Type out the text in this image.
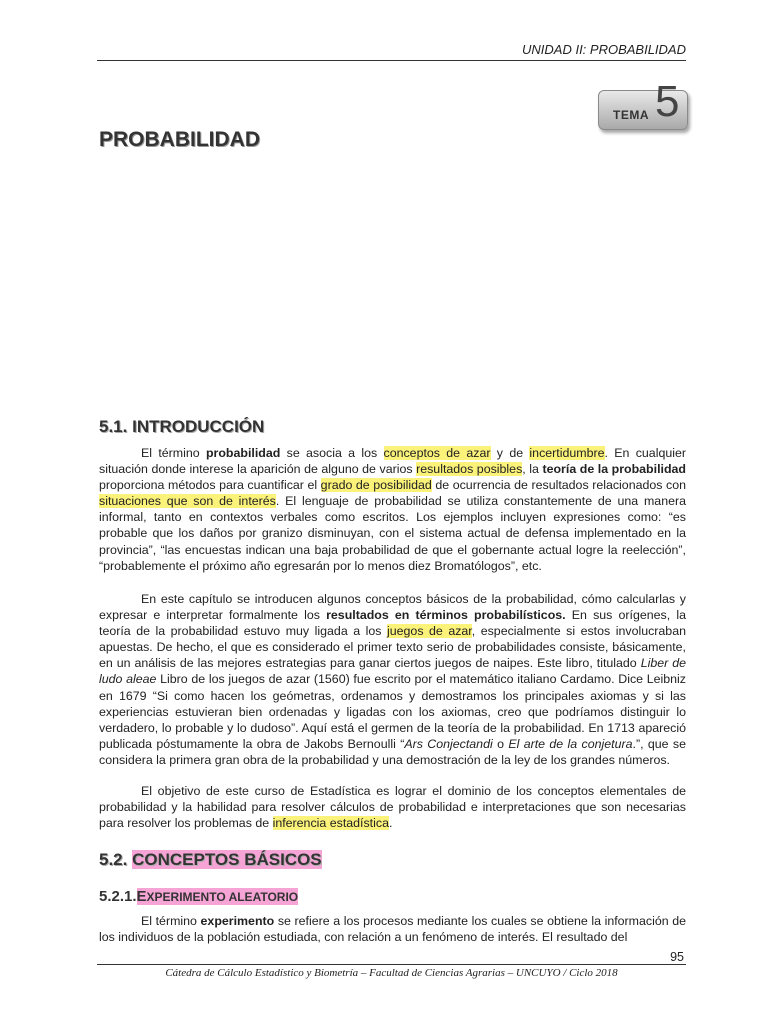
UNIDAD II: PROBABILIDAD
TEMA 5
PROBABILIDAD
5.1. INTRODUCCIÓN

El término probabilidad se asocia a los conceptos de azar y de incertidumbre. En cualquier situación donde interese la aparición de alguno de varios resultados posibles, la teoría de la probabilidad proporciona métodos para cuantificar el grado de posibilidad de ocurrencia de resultados relacionados con situaciones que son de interés. El lenguaje de probabilidad se utiliza constantemente de una manera informal, tanto en contextos verbales como escritos. Los ejemplos incluyen expresiones como: “es probable que los daños por granizo disminuyan, con el sistema actual de defensa implementado en la provincia”, “las encuestas indican una baja probabilidad de que el gobernante actual logre la reelección”, “probablemente el próximo año egresarán por lo menos diez Bromatólogos”, etc.

En este capítulo se introducen algunos conceptos básicos de la probabilidad, cómo calcularlas y expresar e interpretar formalmente los resultados en términos probabilísticos. En sus orígenes, la teoría de la probabilidad estuvo muy ligada a los juegos de azar, especialmente si estos involucraban apuestas. De hecho, el que es considerado el primer texto serio de probabilidades consiste, básicamente, en un análisis de las mejores estrategias para ganar ciertos juegos de naipes. Este libro, titulado Liber de ludo aleae Libro de los juegos de azar (1560) fue escrito por el matemático italiano Cardamo. Dice Leibniz en 1679 “Si como hacen los geómetras, ordenamos y demostramos los principales axiomas y si las experiencias estuvieran bien ordenadas y ligadas con los axiomas, creo que podríamos distinguir lo verdadero, lo probable y lo dudoso”. Aquí está el germen de la teoría de la probabilidad. En 1713 apareció publicada póstumamente la obra de Jakobs Bernoulli “Ars Conjectandi o El arte de la conjetura.”, que se considera la primera gran obra de la probabilidad y una demostración de la ley de los grandes números.

El objetivo de este curso de Estadística es lograr el dominio de los conceptos elementales de probabilidad y la habilidad para resolver cálculos de probabilidad e interpretaciones que son necesarias para resolver los problemas de inferencia estadística.

5.2. CONCEPTOS BÁSICOS
5.2.1.EXPERIMENTO ALEATORIO

El término experimento se refiere a los procesos mediante los cuales se obtiene la información de los individuos de la población estudiada, con relación a un fenómeno de interés. El resultado del

95
Cátedra de Cálculo Estadístico y Biometría – Facultad de Ciencias Agrarias – UNCUYO / Ciclo 2018
